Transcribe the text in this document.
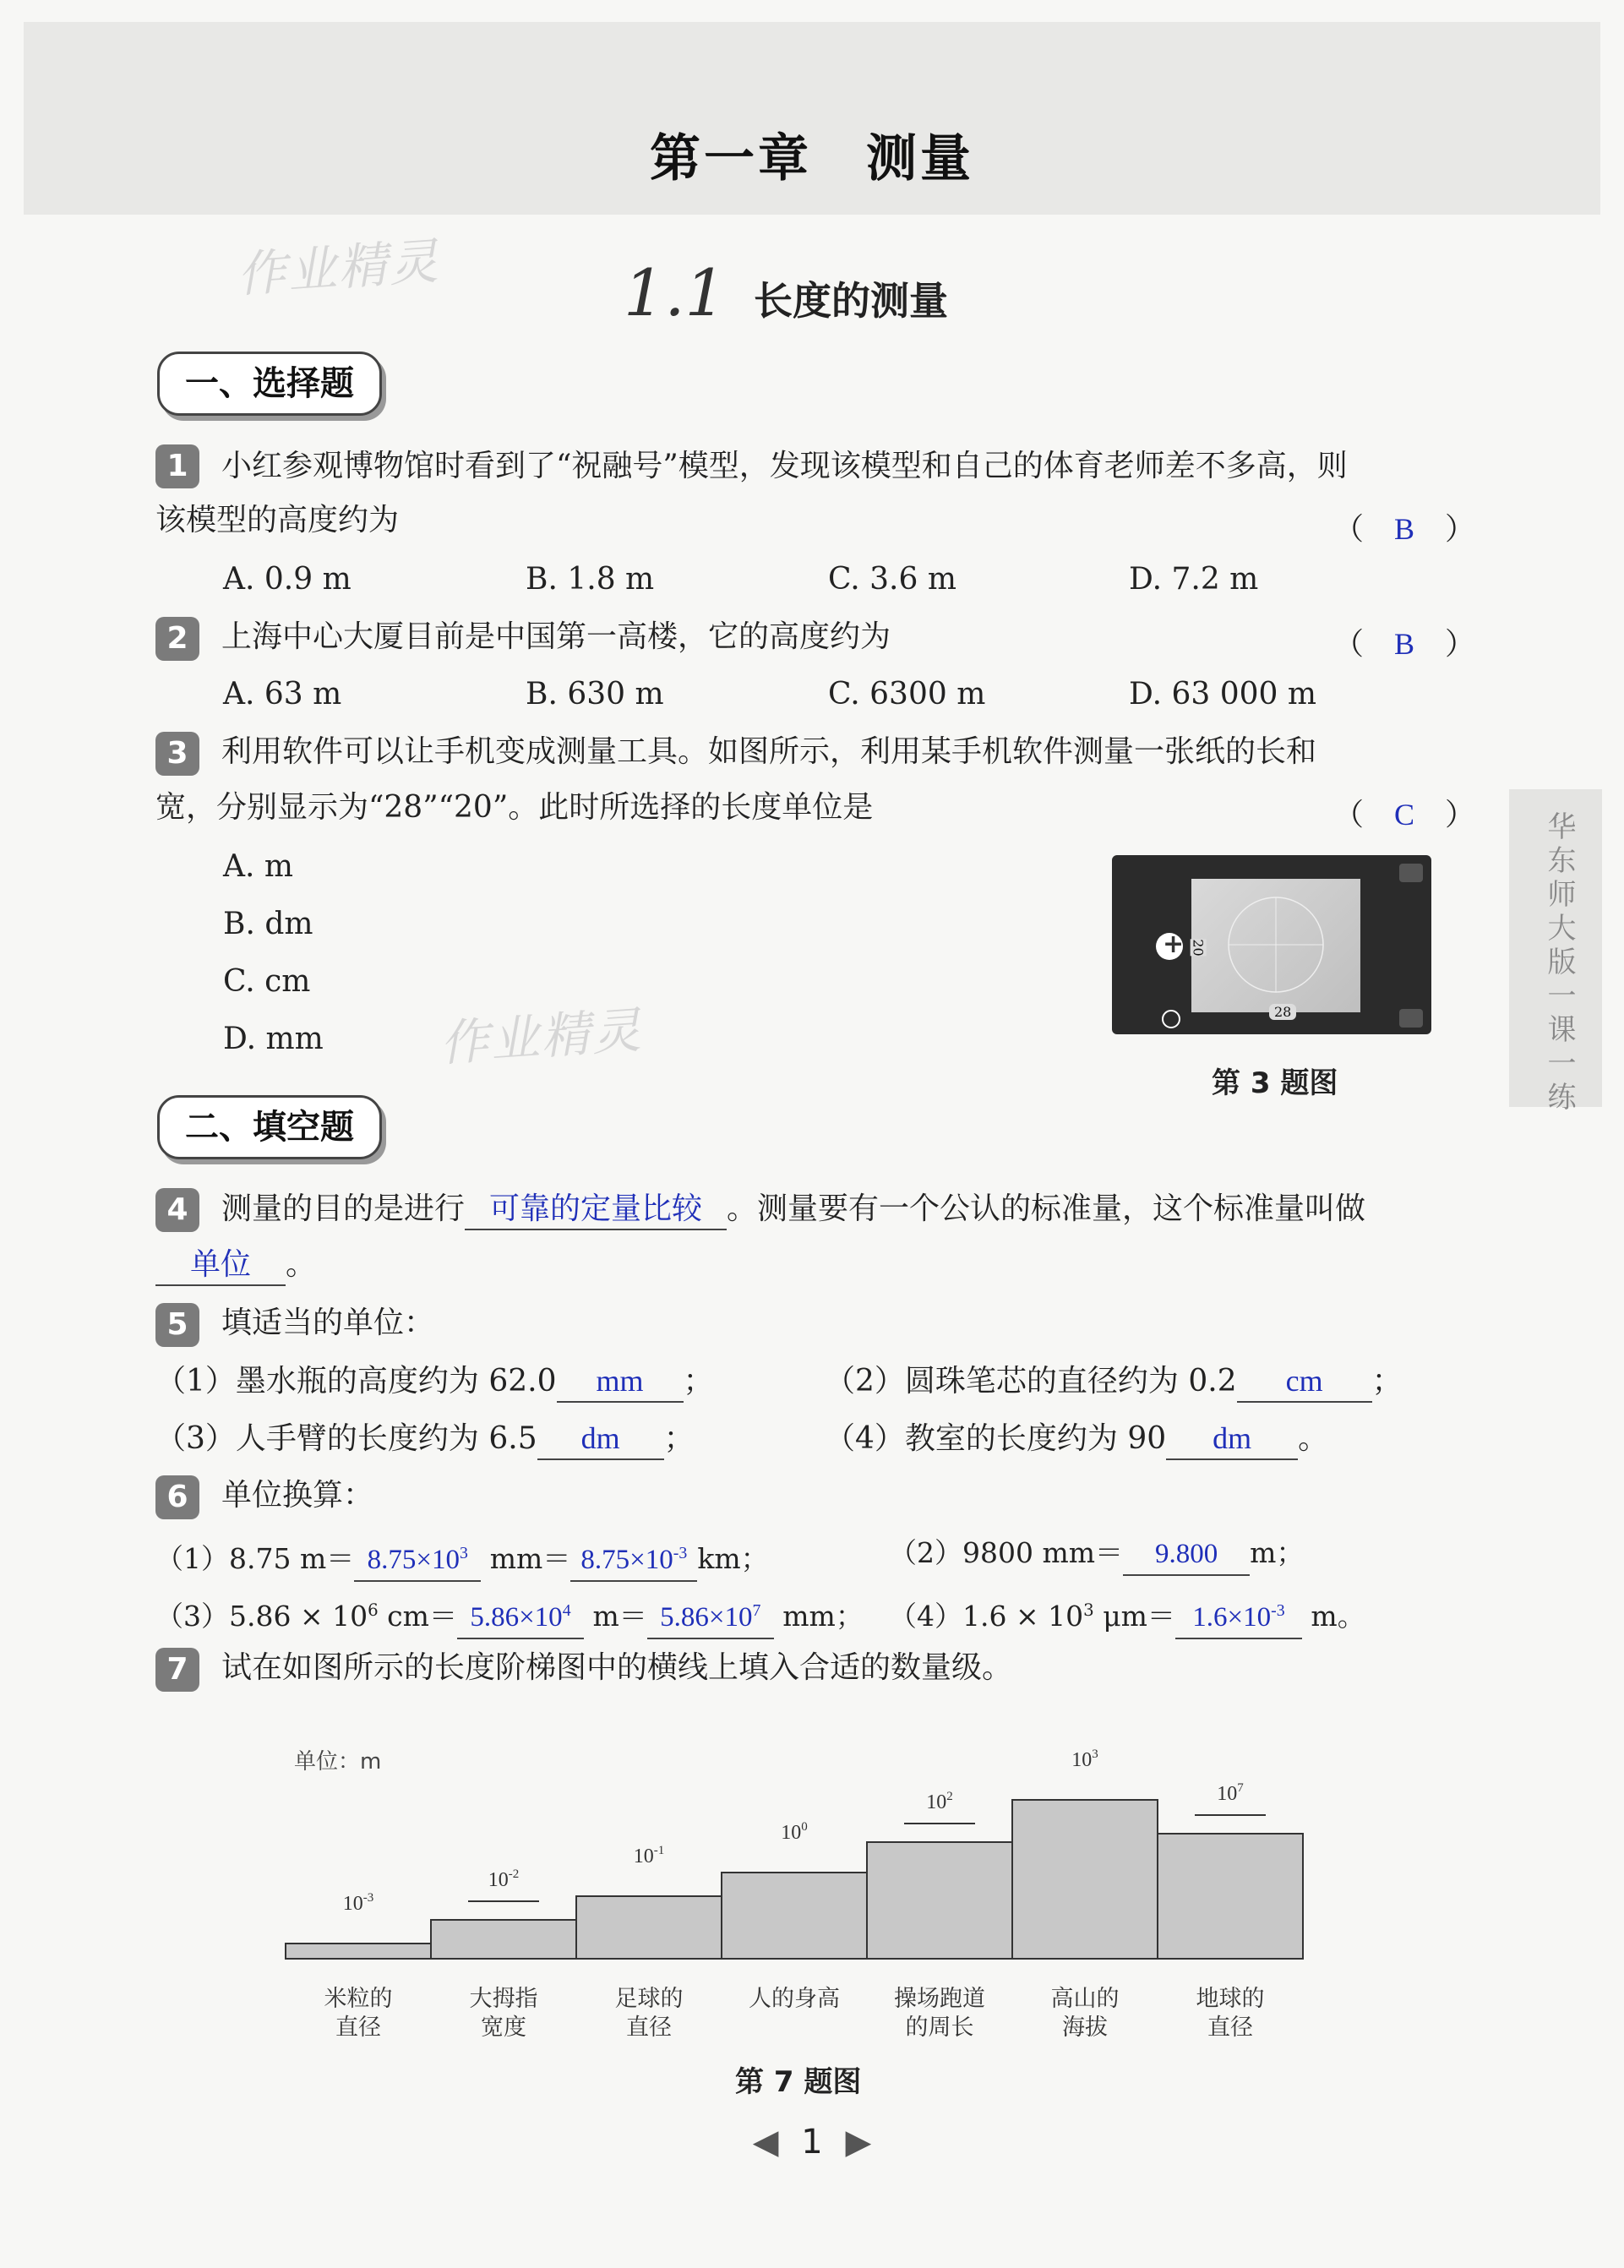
第一章　测量
作业精灵
作业精灵
1.1 长度的测量
华东师大版一课一练
一、选择题
1	小红参观博物馆时看到了“祝融号”模型，发现该模型和自己的体育老师差不多高，则
该模型的高度约为	（　B　）
A. 0.9 m	B. 1.8 m	C. 3.6 m	D. 7.2 m
2	上海中心大厦目前是中国第一高楼，它的高度约为	（　B　）
A. 63 m	B. 630 m	C. 6300 m	D. 63 000 m
3	利用软件可以让手机变成测量工具。如图所示，利用某手机软件测量一张纸的长和
宽，分别显示为“28”“20”。此时所选择的长度单位是	（　C　）
A. m
B. dm
C. cm
D. mm
+ 20
28
第 3 题图
二、填空题
4	测量的目的是进行 可靠的定量比较 。测量要有一个公认的标准量，这个标准量叫做
单位 。
5	填适当的单位：
（1）墨水瓶的高度约为 62.0 mm ；	（2）圆珠笔芯的直径约为 0.2 cm ；
（3）人手臂的长度约为 6.5 dm ；	（4）教室的长度约为 90 dm 。
6	单位换算：
（1）8.75 $m= 8.75\times 10^3$ $mm= 8.75\times 10^{-3}$ km；	（2）9800 mm＝ 9.800 m；
$(3)5.86 \times 10^6$ $cm= 5.86\times 10^4$ $m= 5.86\times 10^7$ mm； $(4)1.6 \times 10^3$ $\mu m= 1.6\times 10^{-3}$ m。
7	试在如图所示的长度阶梯图中的横线上填入合适的数量级。
$10^{-3}$
米粒的
直径
$10^{-2}$
大拇指
宽度
$10^{-1}$
足球的
直径
$10^0$
人的身高
$10^2$
操场跑道
的周长
$10^3$
高山的
海拔
$10^7$
地球的
直径
单位：m
第 7 题图
◀ 1 ▶
